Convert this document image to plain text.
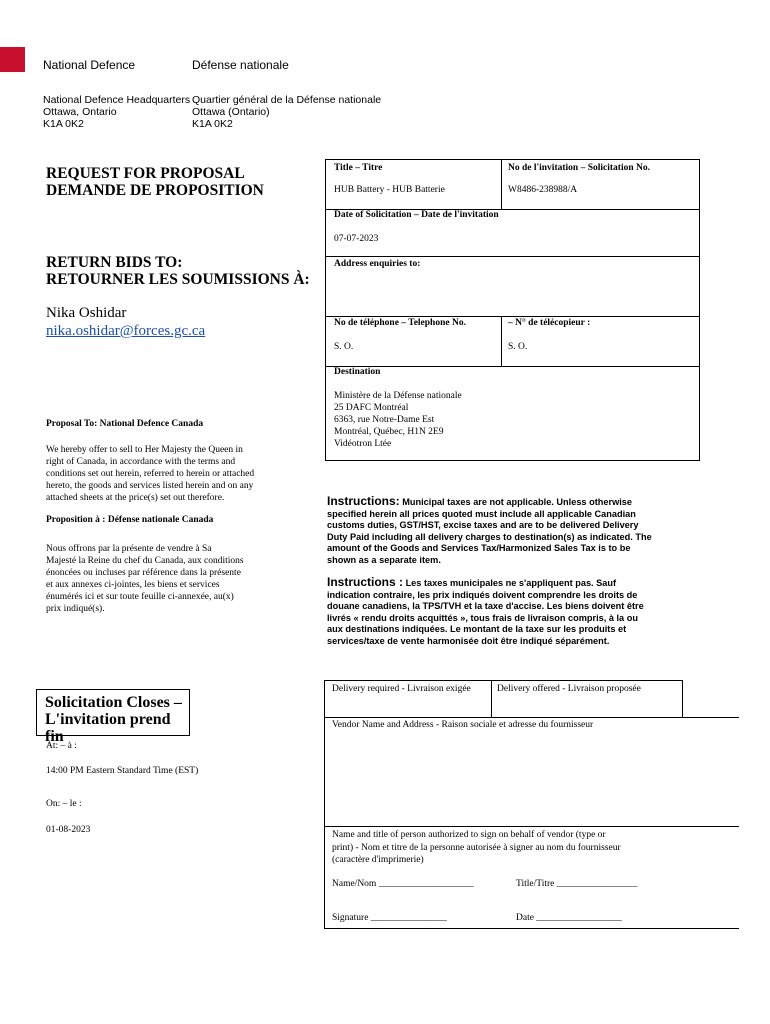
National Defence	Défense nationale
National Defence Headquarters
Ottawa, Ontario
K1A 0K2
Quartier général de la Défense nationale
Ottawa (Ontario)
K1A 0K2
REQUEST FOR PROPOSAL
DEMANDE DE PROPOSITION
RETURN BIDS TO:
RETOURNER LES SOUMISSIONS À:
Nika Oshidar
nika.oshidar@forces.gc.ca
Title – Titre
HUB Battery - HUB Batterie
No de l'invitation – Solicitation No.
W8486-238988/A
Date of Solicitation – Date de l'invitation
07-07-2023
Address enquiries to:
No de téléphone – Telephone No.
S. O.
– N° de télécopieur :
S. O.
Destination
Ministère de la Défense nationale
25 DAFC Montréal
6363, rue Notre-Dame Est
Montréal, Québec, H1N 2E9
Vidéotron Ltée
Proposal To: National Defence Canada
We hereby offer to sell to Her Majesty the Queen in
right of Canada, in accordance with the terms and
conditions set out herein, referred to herein or attached
hereto, the goods and services listed herein and on any
attached sheets at the price(s) set out therefore.
Proposition à : Défense nationale Canada
Nous offrons par la présente de vendre à Sa
Majesté la Reine du chef du Canada, aux conditions
énoncées ou incluses par référence dans la présente
et aux annexes ci-jointes, les biens et services
énumérés ici et sur toute feuille ci-annexée, au(x)
prix indiqué(s).
Instructions: Municipal taxes are not applicable. Unless otherwise
specified herein all prices quoted must include all applicable Canadian
customs duties, GST/HST, excise taxes and are to be delivered Delivery
Duty Paid including all delivery charges to destination(s) as indicated. The
amount of the Goods and Services Tax/Harmonized Sales Tax is to be
shown as a separate item.
Instructions : Les taxes municipales ne s'appliquent pas. Sauf
indication contraire, les prix indiqués doivent comprendre les droits de
douane canadiens, la TPS/TVH et la taxe d'accise. Les biens doivent être
livrés « rendu droits acquittés », tous frais de livraison compris, à la ou
aux destinations indiquées. Le montant de la taxe sur les produits et
services/taxe de vente harmonisée doit être indiqué séparément.
Solicitation Closes –
L'invitation prend fin
At: – à :
14:00 PM Eastern Standard Time (EST)
On: – le :
01-08-2023
Delivery required - Livraison exigée	Delivery offered - Livraison proposée
Vendor Name and Address - Raison sociale et adresse du fournisseur
Name and title of person authorized to sign on behalf of vendor (type or
print) - Nom et titre de la personne autorisée à signer au nom du fournisseur
(caractère d'imprimerie)
Name/Nom ____________________	Title/Titre _________________
Signature ________________	Date __________________
